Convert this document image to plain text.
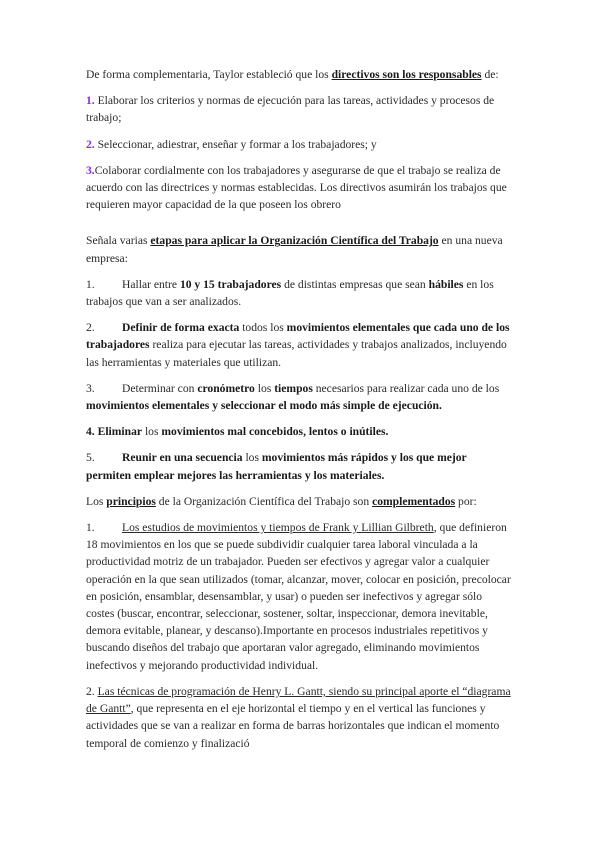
De forma complementaria, Taylor estableció que los directivos son los responsables de:

1. Elaborar los criterios y normas de ejecución para las tareas, actividades y procesos de trabajo;

2. Seleccionar, adiestrar, enseñar y formar a los trabajadores; y

3.Colaborar cordialmente con los trabajadores y asegurarse de que el trabajo se realiza de acuerdo con las directrices y normas establecidas. Los directivos asumirán los trabajos que requieren mayor capacidad de la que poseen los obrero

Señala varias etapas para aplicar la Organización Científica del Trabajo en una nueva empresa:

1. Hallar entre 10 y 15 trabajadores de distintas empresas que sean hábiles en los trabajos que van a ser analizados.

2. Definir de forma exacta todos los movimientos elementales que cada uno de los trabajadores realiza para ejecutar las tareas, actividades y trabajos analizados, incluyendo las herramientas y materiales que utilizan.

3. Determinar con cronómetro los tiempos necesarios para realizar cada uno de los movimientos elementales y seleccionar el modo más simple de ejecución.

4. Eliminar los movimientos mal concebidos, lentos o inútiles.

5. Reunir en una secuencia los movimientos más rápidos y los que mejor permiten emplear mejores las herramientas y los materiales.

Los principios de la Organización Científica del Trabajo son complementados por:

1. Los estudios de movimientos y tiempos de Frank y Lillian Gilbreth, que definieron 18 movimientos en los que se puede subdividir cualquier tarea laboral vinculada a la productividad motriz de un trabajador. Pueden ser efectivos y agregar valor a cualquier operación en la que sean utilizados (tomar, alcanzar, mover, colocar en posición, precolocar en posición, ensamblar, desensamblar, y usar) o pueden ser inefectivos y agregar sólo costes (buscar, encontrar, seleccionar, sostener, soltar, inspeccionar, demora inevitable, demora evitable, planear, y descanso).Importante en procesos industriales repetitivos y buscando diseños del trabajo que aportaran valor agregado, eliminando movimientos inefectivos y mejorando productividad individual.

2. Las técnicas de programación de Henry L. Gantt, siendo su principal aporte el “diagrama de Gantt”, que representa en el eje horizontal el tiempo y en el vertical las funciones y actividades que se van a realizar en forma de barras horizontales que indican el momento temporal de comienzo y finalizació
